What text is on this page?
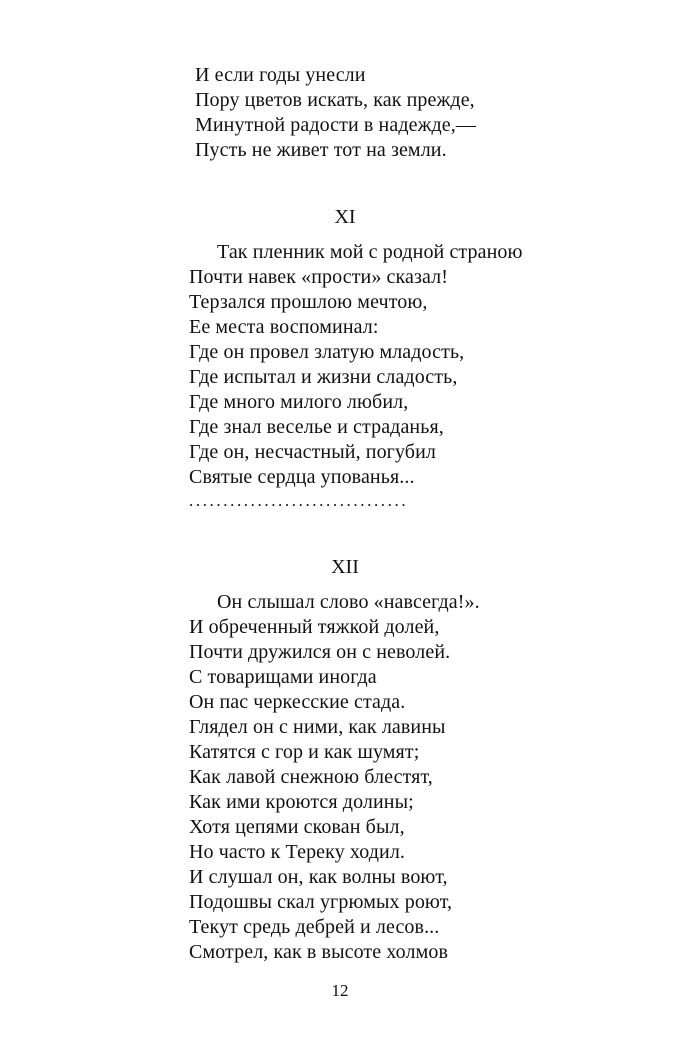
И если годы унесли
Пору цветов искать, как прежде,
Минутной радости в надежде,—
Пусть не живет тот на земли.
XI
Так пленник мой с родной страною
Почти навек «прости» сказал!
Терзался прошлою мечтою,
Ее места воспоминал:
Где он провел златую младость,
Где испытал и жизни сладость,
Где много милого любил,
Где знал веселье и страданья,
Где он, несчастный, погубил
Святые сердца упованья...
................................
XII
Он слышал слово «навсегда!».
И обреченный тяжкой долей,
Почти дружился он с неволей.
С товарищами иногда
Он пас черкесские стада.
Глядел он с ними, как лавины
Катятся с гор и как шумят;
Как лавой снежною блестят,
Как ими кроются долины;
Хотя цепями скован был,
Но часто к Тереку ходил.
И слушал он, как волны воют,
Подошвы скал угрюмых роют,
Текут средь дебрей и лесов...
Смотрел, как в высоте холмов
12
